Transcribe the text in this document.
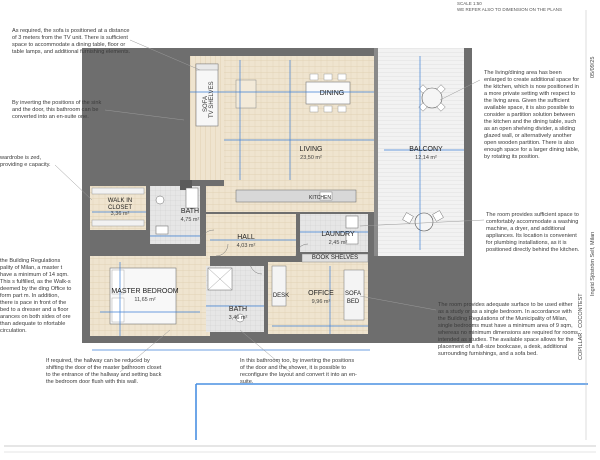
SCALE 1:50
WE REFER ALSO TO DIMENSION ON THE PLANS
DINING
LIVING
23,50 m²
BALCONY
12,14 m²
KITCHEN
WALK IN CLOSET
3,36 m²	BATH
4,75 m²
HALL
4,03 m²
LAUNDRY
2,45 m²
BOOK SHELVES
MASTER BEDROOM
11,65 m²
BATH
3,46 m²
DESK	OFFICE
9,96 m²
SOFA BED
SOFA TV SHELVES
As required, the sofa is positioned at a distance of 3 meters from the TV unit. There is sufficient space to accommodate a dining table, floor or table lamps, and additional furnishing elements.
By inverting the positions of the sink and the door, this bathroom can be converted into an en-suite one.
wardrobe is zed, providing e capacity.
the Building Regulations pality of Milan, a master t have a minimum of 14 sqm. This s fulfilled, as the Walk-s deemed by the ding Office to form part m. In addition, there is pace in front of the bed to a dresser and a floor arances on both sides of ore than adequate to nfortable circulation.
The living/dining area has been enlarged to create additional space for the kitchen, which is now positioned in a more private setting with respect to the living area. Given the sufficient available space, it is also possible to consider a partition solution between the kitchen and the dining table, such as an open shelving divider, a sliding glazed wall, or alternatively another open wooden partition. There is also enough space for a larger dining table, by rotating its position.
The room provides sufficient space to comfortably accommodate a washing machine, a dryer, and additional appliances. Its location is convenient for plumbing installations, as it is positioned directly behind the kitchen.
The room provides adequate surface to be used either as a study or as a single bedroom. In accordance with the Building Regulations of the Municipality of Milan, single bedrooms must have a minimum area of 9 sqm, whereas no minimum dimensions are required for rooms intended as studies. The available space allows for the placement of a full-size bookcase, a desk, additional surrounding furnishings, and a sofa bed.
If required, the hallway can be reduced by shifting the door of the master bathroom closet to the entrance of the hallway and setting back the bedroom door flush with this wall.
In this bathroom too, by inverting the positions of the door and the shower, it is possible to reconfigure the layout and convert it into an en-suite.
05/09/25
Ingrid Sjöström Self, Milan
COPILLAR · COCONTEST
